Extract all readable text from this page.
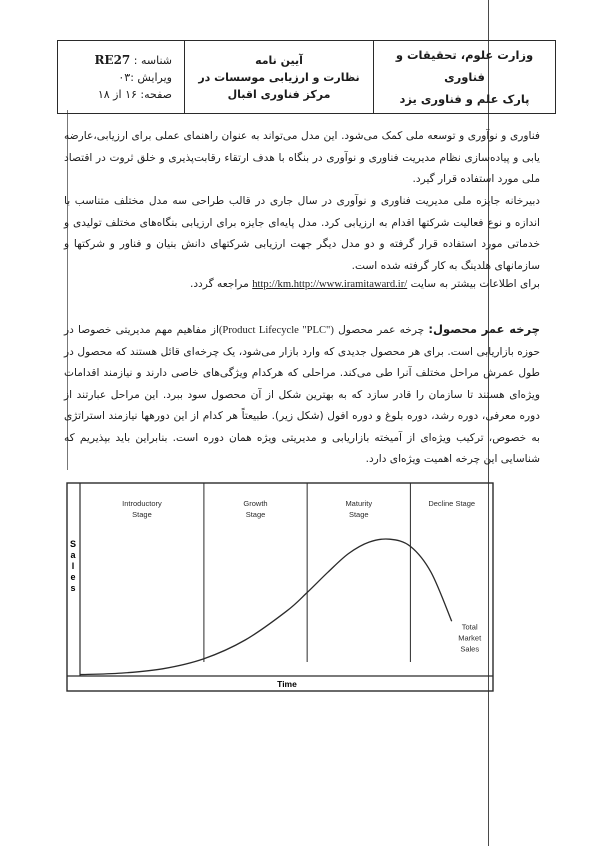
شناسه : RE27
ویرایش :۰۳
صفحه: ۱۶ از ۱۸
آیین نامه
نظارت و ارزیابی موسسات در
مرکز فناوری اقبال
وزارت علوم، تحقیقات و فناوری
پارک علم و فناوری یزد

فناوری و نوآوری و توسعه ملی کمک می‌شود. این مدل می‌تواند به عنوان راهنمای عملی برای ارزیابی،عارضه یابی و پیاده‌سازی نظام مدیریت فناوری و نوآوری در بنگاه با هدف ارتقاء رقابت‌پذیری و خلق ثروت در اقتصاد ملی مورد استفاده قرار گیرد.

دبیرخانه جایزه ملی مدیریت فناوری و نوآوری در سال جاری در قالب طراحی سه مدل مختلف متناسب با اندازه و نوع فعالیت شرکتها اقدام به ارزیابی کرد. مدل پایه‌ای جایزه برای ارزیابی بنگاه‌های مختلف تولیدی و خدماتی مورد استفاده قرار گرفته و دو مدل دیگر جهت ارزیابی شرکتهای دانش بنیان و فناور و شرکتها و سازمانهای هلدینگ به کار گرفته شده است.

برای اطلاعات بیشتر به سایت http://km.http://www.iramitaward.ir/ مراجعه گردد.

چرخه عمر محصول: چرخه عمر محصول (Product Lifecycle "PLC")از مفاهیم مهم مدیریتی خصوصا در حوزه بازاریابی است. برای هر محصول جدیدی که وارد بازار می‌شود، یک چرخه‌ای قائل هستند که محصول در طول عمرش مراحل مختلف آنرا طی می‌کند. مراحلی که هرکدام ویژگی‌های خاصی دارند و نیازمند اقدامات ویژه‌ای هستند تا سازمان را قادر سازد که به بهترین شکل از آن محصول سود ببرد. این مراحل عبارتند از دوره معرفی، دوره رشد، دوره بلوغ و دوره افول (شکل زیر). طبیعتاً هر کدام از این دورهها نیازمند استراتژی به خصوص، ترکیب ویژه‌ای از آمیخته بازاریابی و مدیریتی ویژه همان دوره است. بنابراین باید بپذیریم که شناسایی این چرخه اهمیت ویژه‌ای دارد.

Introductory
Stage
Growth
Stage
Maturity
Stage
Decline Stage
Total
Market
Sales
S a l e s
Time
